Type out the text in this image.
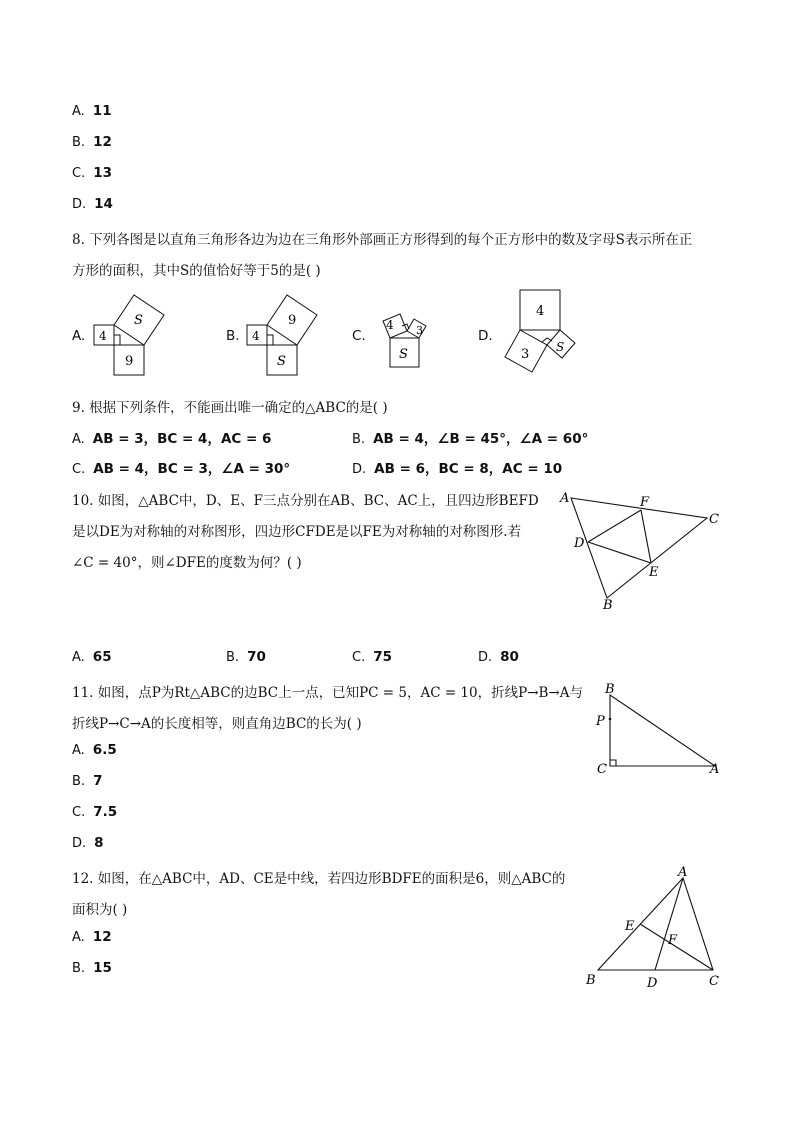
A. 11
B. 12
C. 13
D. 14
8. 下列各图是以直角三角形各边为边在三角形外部画正方形得到的每个正方形中的数及字母S表示所在正
方形的面积，其中S的值恰好等于5的是( )
A. 4
S
9
B. 4
9
S
C.
4 3
S
D.
4
3 S
9. 根据下列条件，不能画出唯一确定的△ABC的是( )
A. AB = 3，BC = 4，AC = 6	B. AB = 4，∠B = 45°，∠A = 60°
C. AB = 4，BC = 3，∠A = 30°	D. AB = 6，BC = 8，AC = 10
10. 如图，△ABC中，D、E、F三点分别在AB、BC、AC上，且四边形BEFD
是以DE为对称轴的对称图形，四边形CFDE是以FE为对称轴的对称图形.若
∠C = 40°，则∠DFE的度数为何？( )
A	F
C
D
E
B
A. 65	B. 70	C. 75	D. 80
11. 如图，点P为Rt△ABC的边BC上一点，已知PC = 5，AC = 10，折线P→B→A与
折线P→C→A的长度相等，则直角边BC的长为( )
B
P
C	A
A. 6.5
B. 7
C. 7.5
D. 8
12. 如图，在△ABC中，AD、CE是中线，若四边形BDFE的面积是6，则△ABC的
面积为( )
A
E
F
B	D	C
A. 12
B. 15
